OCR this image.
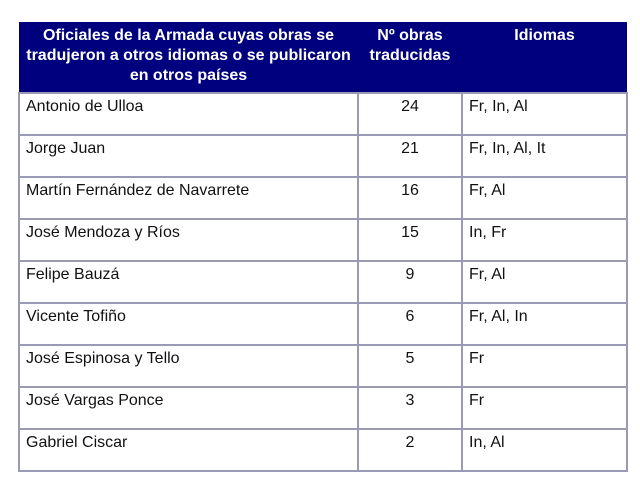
Oficiales de la Armada cuyas obras se tradujeron a otros idiomas o se publicaron en otros países	Nº obras traducidas	Idiomas
Antonio de Ulloa	24	Fr, In, Al
Jorge Juan	21	Fr, In, Al, It
Martín Fernández de Navarrete	16	Fr, Al
José Mendoza y Ríos	15	In, Fr
Felipe Bauzá	9	Fr, Al
Vicente Tofiño	6	Fr, Al, In
José Espinosa y Tello	5	Fr
José Vargas Ponce	3	Fr
Gabriel Ciscar	2	In, Al
